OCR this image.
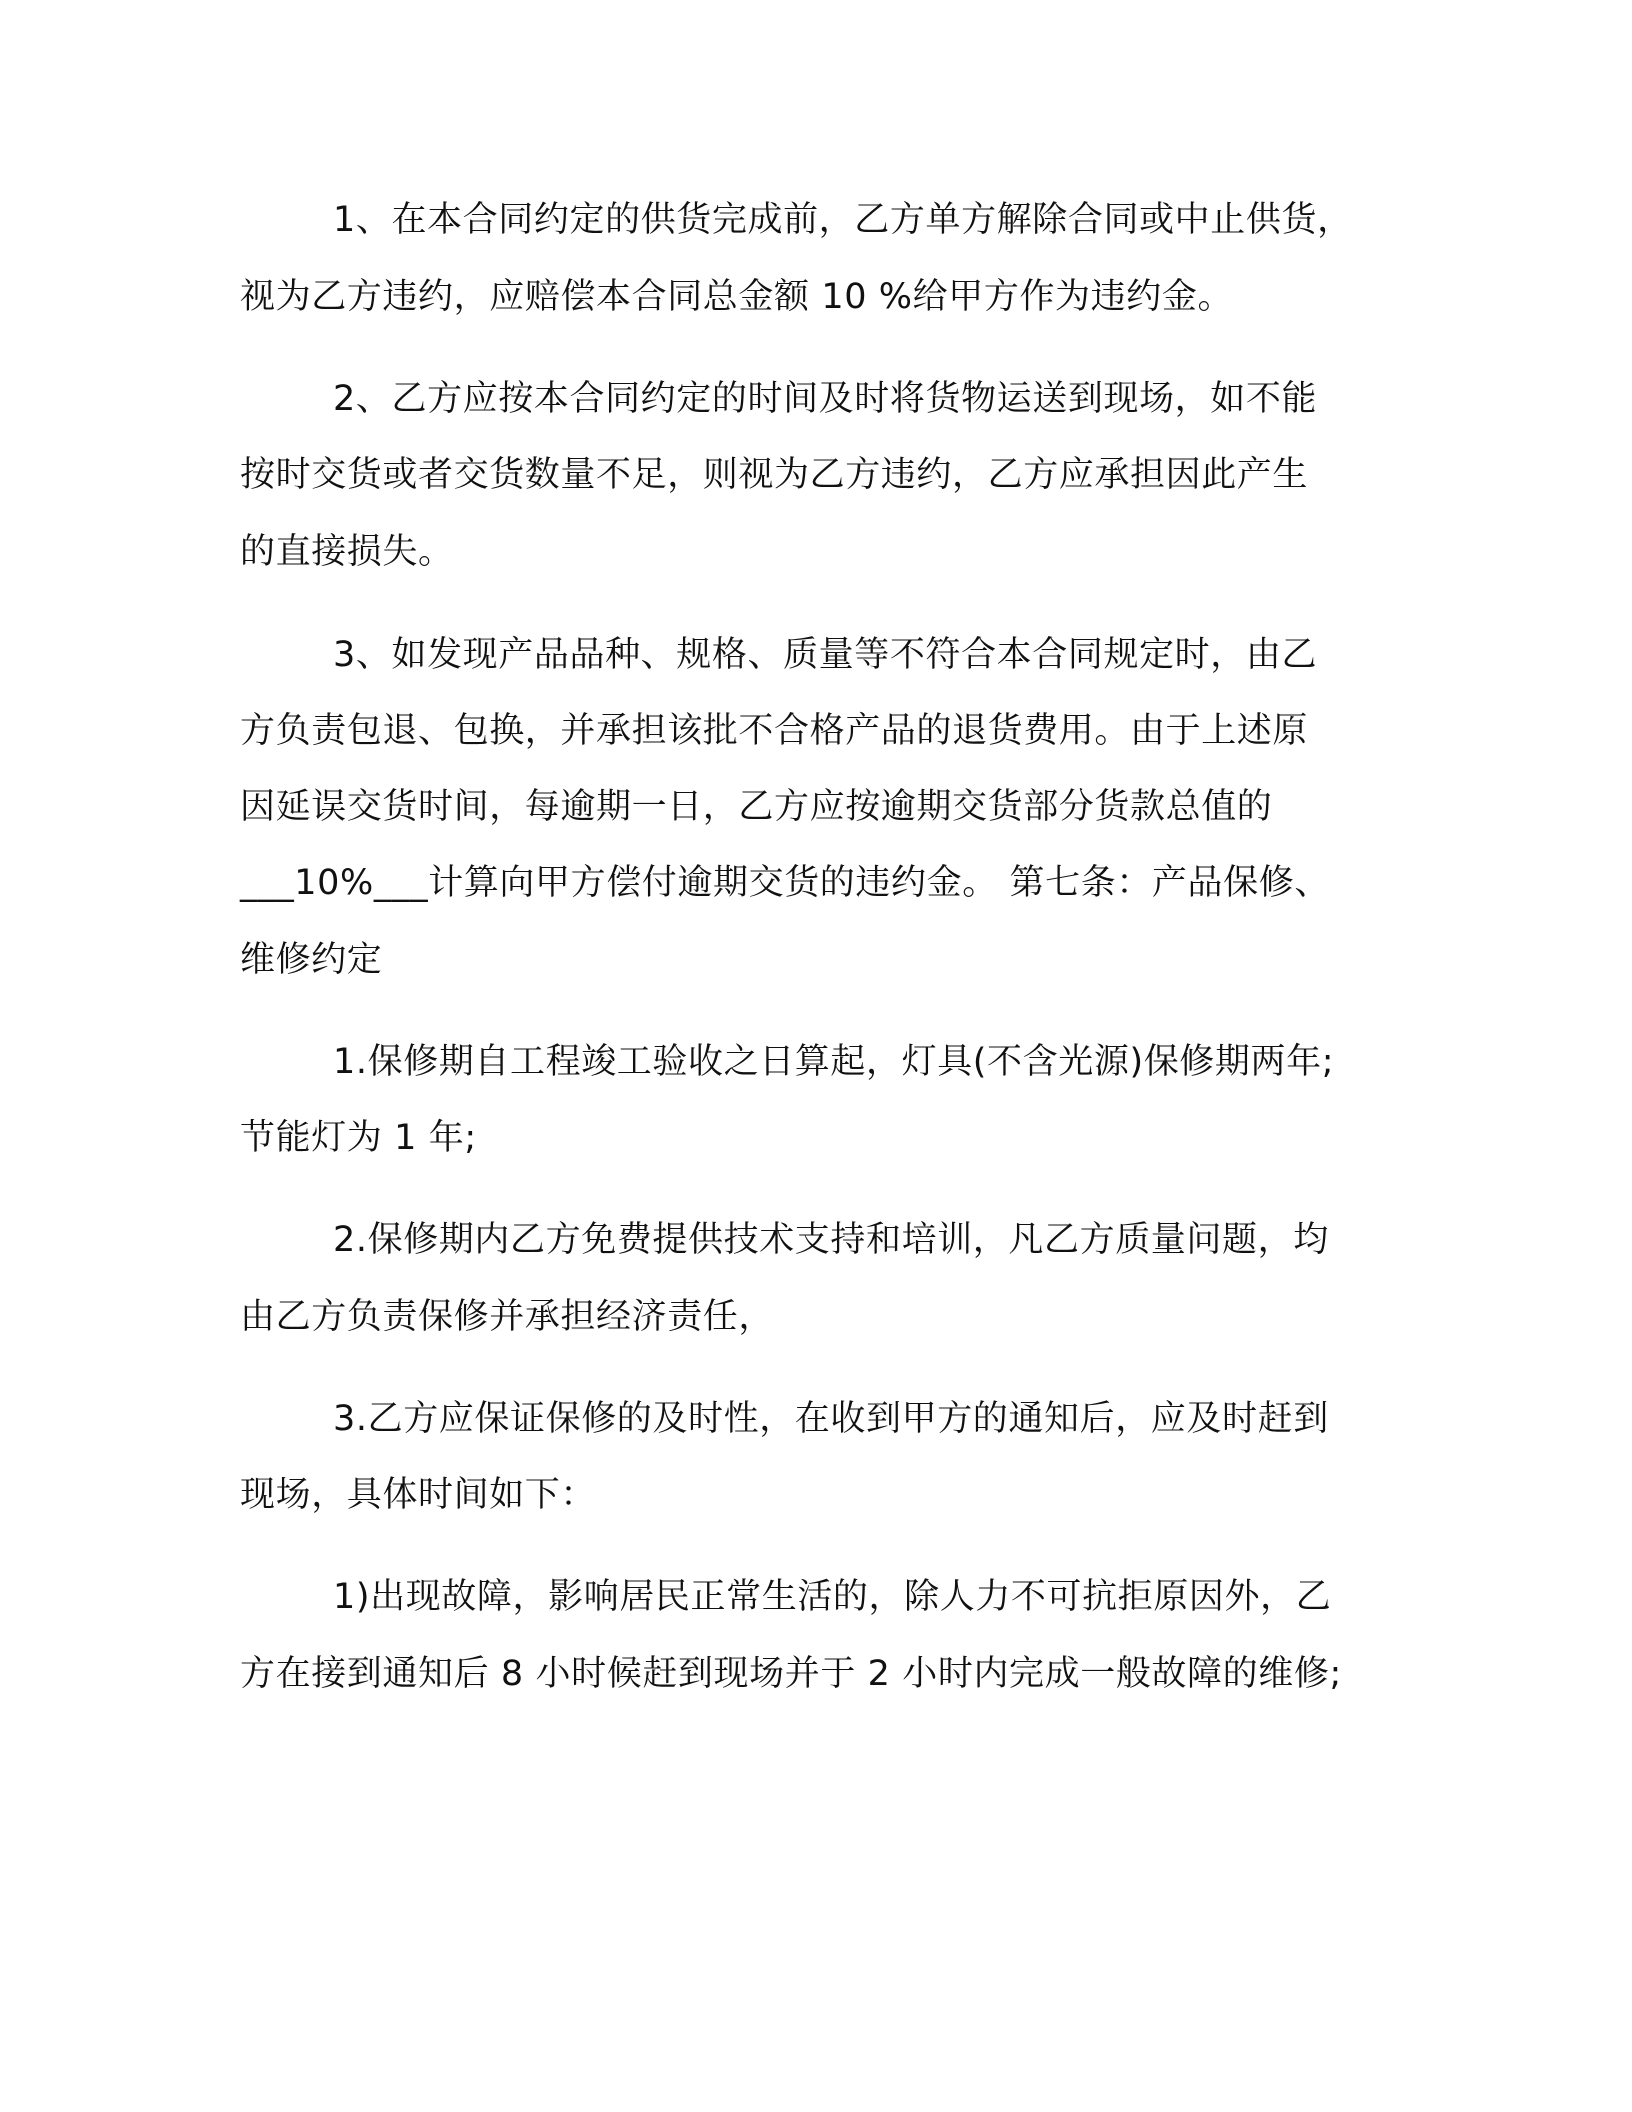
1、在本合同约定的供货完成前，乙方单方解除合同或中止供货，
视为乙方违约，应赔偿本合同总金额 10 %给甲方作为违约金。
2、乙方应按本合同约定的时间及时将货物运送到现场，如不能
按时交货或者交货数量不足，则视为乙方违约，乙方应承担因此产生
的直接损失。
3、如发现产品品种、规格、质量等不符合本合同规定时，由乙
方负责包退、包换，并承担该批不合格产品的退货费用。由于上述原
因延误交货时间，每逾期一日，乙方应按逾期交货部分货款总值的
___10%___计算向甲方偿付逾期交货的违约金。 第七条：产品保修、
维修约定
1.保修期自工程竣工验收之日算起，灯具(不含光源)保修期两年;
节能灯为 1 年;
2.保修期内乙方免费提供技术支持和培训，凡乙方质量问题，均
由乙方负责保修并承担经济责任，
3.乙方应保证保修的及时性，在收到甲方的通知后，应及时赶到
现场，具体时间如下：
1)出现故障，影响居民正常生活的，除人力不可抗拒原因外，乙
方在接到通知后 8 小时候赶到现场并于 2 小时内完成一般故障的维修;
